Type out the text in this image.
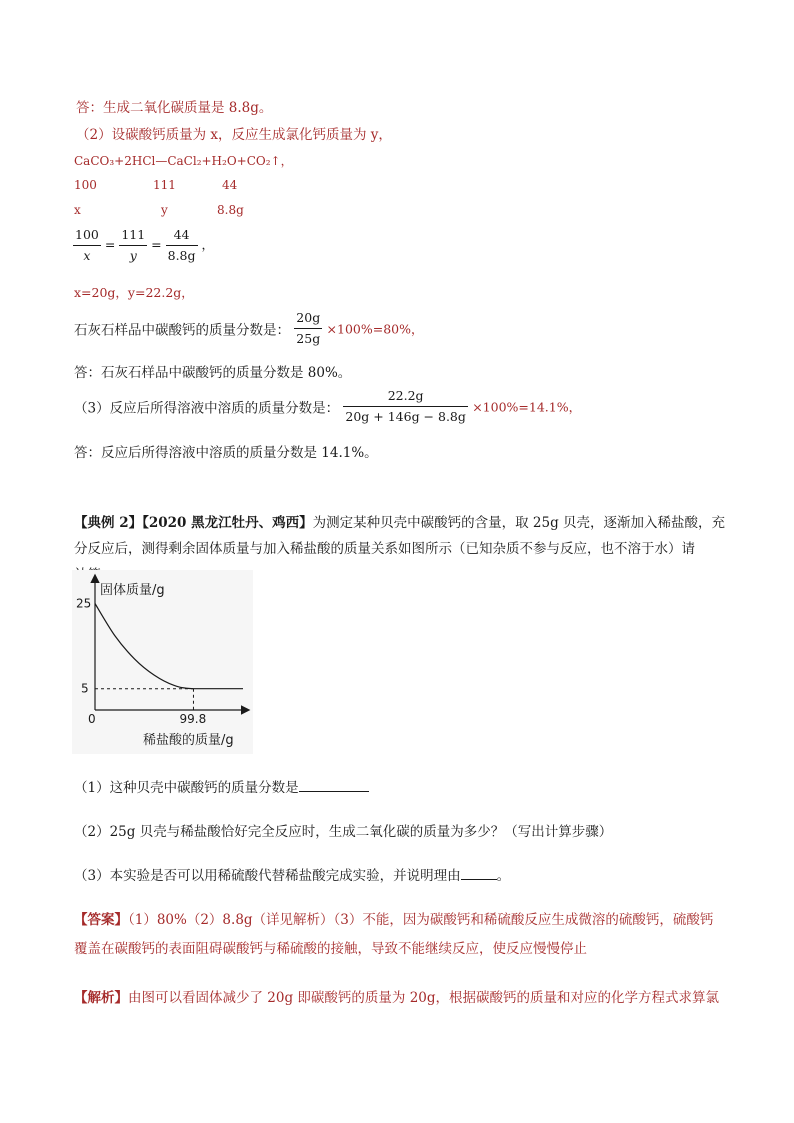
答：生成二氧化碳质量是 8.8g。
（2）设碳酸钙质量为 x，反应生成氯化钙质量为 y，
CaCO₃+2HCl—CaCl₂+H₂O+CO₂↑，
100	111	44
x	y	8.8g
$\frac{100}{x} = \frac{111}{y} = \frac{44}{8.8g}$ ，
x=20g，y=22.2g，
石灰石样品中碳酸钙的质量分数是： $\frac{20g}{25g} \times 100\%=80\%$，
答：石灰石样品中碳酸钙的质量分数是 80%。
（3）反应后所得溶液中溶质的质量分数是： $\frac{22.2g}{20g + 146g - 8.8g} \times 100\%=14.1\%$，
答：反应后所得溶液中溶质的质量分数是 14.1%。
【典例 2】【2020 黑龙江牡丹、鸡西】为测定某种贝壳中碳酸钙的含量，取 25g 贝壳，逐渐加入稀盐酸，充
分反应后，测得剩余固体质量与加入稀盐酸的质量关系如图所示（已知杂质不参与反应，也不溶于水）请
固体质量/g
25
5
0	99.8
稀盐酸的质量/g
（1）这种贝壳中碳酸钙的质量分数是
（2）25g 贝壳与稀盐酸恰好完全反应时，生成二氧化碳的质量为多少？（写出计算步骤）
（3）本实验是否可以用稀硫酸代替稀盐酸完成实验，并说明理由	。
【答案】（1）80%（2）8.8g（详见解析）（3）不能，因为碳酸钙和稀硫酸反应生成微溶的硫酸钙，硫酸钙
覆盖在碳酸钙的表面阻碍碳酸钙与稀硫酸的接触，导致不能继续反应，使反应慢慢停止
【解析】由图可以看固体减少了 20g 即碳酸钙的质量为 20g，根据碳酸钙的质量和对应的化学方程式求算氯
